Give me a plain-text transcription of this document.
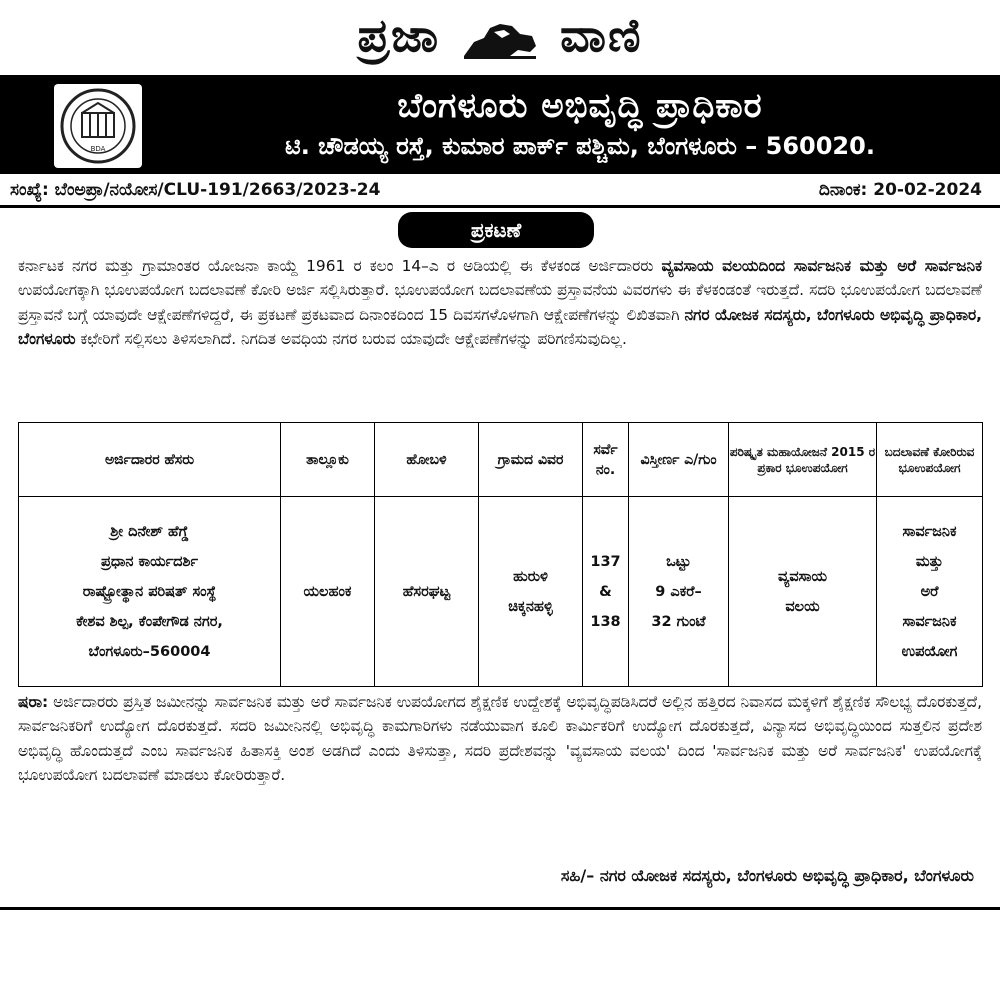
ಪ್ರಜಾ	ವಾಣಿ
BDA
ಬೆಂಗಳೂರು ಅಭಿವೃದ್ಧಿ ಪ್ರಾಧಿಕಾರ
ಟಿ. ಚೌಡಯ್ಯ ರಸ್ತೆ, ಕುಮಾರ ಪಾರ್ಕ್ ಪಶ್ಚಿಮ, ಬೆಂಗಳೂರು – 560020.
ಸಂಖ್ಯೆ: ಬೆಂಅಪ್ರಾ/ನಯೋಸ/CLU-191/2663/2023-24	ದಿನಾಂಕ: 20-02-2024
ಪ್ರಕಟಣೆ
ಕರ್ನಾಟಕ ನಗರ ಮತ್ತು ಗ್ರಾಮಾಂತರ ಯೋಜನಾ ಕಾಯ್ದೆ 1961 ರ ಕಲಂ 14–ಎ ರ ಅಡಿಯಲ್ಲಿ ಈ ಕೆಳಕಂಡ ಅರ್ಜಿದಾರರು ವ್ಯವಸಾಯ ವಲಯದಿಂದ ಸಾರ್ವಜನಿಕ ಮತ್ತು ಅರೆ ಸಾರ್ವಜನಿಕ ಉಪಯೋಗಕ್ಕಾಗಿ ಭೂಉಪಯೋಗ ಬದಲಾವಣೆ ಕೋರಿ ಅರ್ಜಿ ಸಲ್ಲಿಸಿರುತ್ತಾರೆ. ಭೂಉಪಯೋಗ ಬದಲಾವಣೆಯ ಪ್ರಸ್ತಾವನೆಯ ವಿವರಗಳು ಈ ಕೆಳಕಂಡಂತೆ ಇರುತ್ತದೆ. ಸದರಿ ಭೂಉಪಯೋಗ ಬದಲಾವಣೆ ಪ್ರಸ್ತಾವನೆ ಬಗ್ಗೆ ಯಾವುದೇ ಆಕ್ಷೇಪಣೆಗಳಿದ್ದರೆ, ಈ ಪ್ರಕಟಣೆ ಪ್ರಕಟವಾದ ದಿನಾಂಕದಿಂದ 15 ದಿವಸಗಳೊಳಗಾಗಿ ಆಕ್ಷೇಪಣೆಗಳನ್ನು ಲಿಖಿತವಾಗಿ ನಗರ ಯೋಜಕ ಸದಸ್ಯರು, ಬೆಂಗಳೂರು ಅಭಿವೃದ್ಧಿ ಪ್ರಾಧಿಕಾರ, ಬೆಂಗಳೂರು ಕಛೇರಿಗೆ ಸಲ್ಲಿಸಲು ತಿಳಿಸಲಾಗಿದೆ. ನಿಗದಿತ ಅವಧಿಯ ನಗರ ಬರುವ ಯಾವುದೇ ಆಕ್ಷೇಪಣೆಗಳನ್ನು ಪರಿಗಣಿಸುವುದಿಲ್ಲ.
ಅರ್ಜಿದಾರರ ಹೆಸರು	ತಾಲ್ಲೂಕು	ಹೋಬಳಿ	ಗ್ರಾಮದ ವಿವರ	ಸರ್ವೆ ನಂ.	ವಿಸ್ತೀರ್ಣ ಎ/ಗುಂ	ಪರಿಷ್ಕೃತ ಮಹಾಯೋಜನೆ 2015 ರ ಪ್ರಕಾರ ಭೂಉಪಯೋಗ	ಬದಲಾವಣೆ ಕೋರಿರುವ ಭೂಉಪಯೋಗ

ಶ್ರೀ ದಿನೇಶ್ ಹೆಗ್ಡೆ
ಪ್ರಧಾನ ಕಾರ್ಯದರ್ಶಿ
ರಾಷ್ಟ್ರೋತ್ಥಾನ ಪರಿಷತ್ ಸಂಸ್ಥೆ
ಕೇಶವ ಶಿಲ್ಪ, ಕೆಂಪೇಗೌಡ ನಗರ,
ಬೆಂಗಳೂರು–560004	ಯಲಹಂಕ	ಹೆಸರಘಟ್ಟ	ಹುರುಳಿ
ಚಿಕ್ಕನಹಳ್ಳಿ	137
&
138	ಒಟ್ಟು
9 ಎಕರೆ–
32 ಗುಂಟೆ	ವ್ಯವಸಾಯ
ವಲಯ	ಸಾರ್ವಜನಿಕ
ಮತ್ತು
ಅರೆ
ಸಾರ್ವಜನಿಕ
ಉಪಯೋಗ
ಷರಾ: ಅರ್ಜಿದಾರರು ಪ್ರಸ್ತಿತ ಜಮೀನನ್ನು ಸಾರ್ವಜನಿಕ ಮತ್ತು ಅರೆ ಸಾರ್ವಜನಿಕ ಉಪಯೋಗದ ಶೈಕ್ಷಣಿಕ ಉದ್ದೇಶಕ್ಕೆ ಅಭಿವೃದ್ಧಿಪಡಿಸಿದರೆ ಅಲ್ಲಿನ ಹತ್ತಿರದ ನಿವಾಸದ ಮಕ್ಕಳಿಗೆ ಶೈಕ್ಷಣಿಕ ಸೌಲಭ್ಯ ದೊರಕುತ್ತದೆ, ಸಾರ್ವಜನಿಕರಿಗೆ ಉದ್ಯೋಗ ದೊರಕುತ್ತದೆ. ಸದರಿ ಜಮೀನಿನಲ್ಲಿ ಅಭಿವೃದ್ಧಿ ಕಾಮಗಾರಿಗಳು ನಡೆಯುವಾಗ ಕೂಲಿ ಕಾರ್ಮಿಕರಿಗೆ ಉದ್ಯೋಗ ದೊರಕುತ್ತದೆ, ವಿನ್ಯಾಸದ ಅಭಿವೃದ್ಧಿಯಿಂದ ಸುತ್ತಲಿನ ಪ್ರದೇಶ ಅಭಿವೃದ್ಧಿ ಹೊಂದುತ್ತದೆ ಎಂಬ ಸಾರ್ವಜನಿಕ ಹಿತಾಸಕ್ತಿ ಅಂಶ ಅಡಗಿದೆ ಎಂದು ತಿಳಿಸುತ್ತಾ, ಸದರಿ ಪ್ರದೇಶವನ್ನು 'ವ್ಯವಸಾಯ ವಲಯ' ದಿಂದ 'ಸಾರ್ವಜನಿಕ ಮತ್ತು ಅರೆ ಸಾರ್ವಜನಿಕ' ಉಪಯೋಗಕ್ಕೆ ಭೂಉಪಯೋಗ ಬದಲಾವಣೆ ಮಾಡಲು ಕೋರಿರುತ್ತಾರೆ.
ಸಹಿ/– ನಗರ ಯೋಜಕ ಸದಸ್ಯರು, ಬೆಂಗಳೂರು ಅಭಿವೃದ್ಧಿ ಪ್ರಾಧಿಕಾರ, ಬೆಂಗಳೂರು
